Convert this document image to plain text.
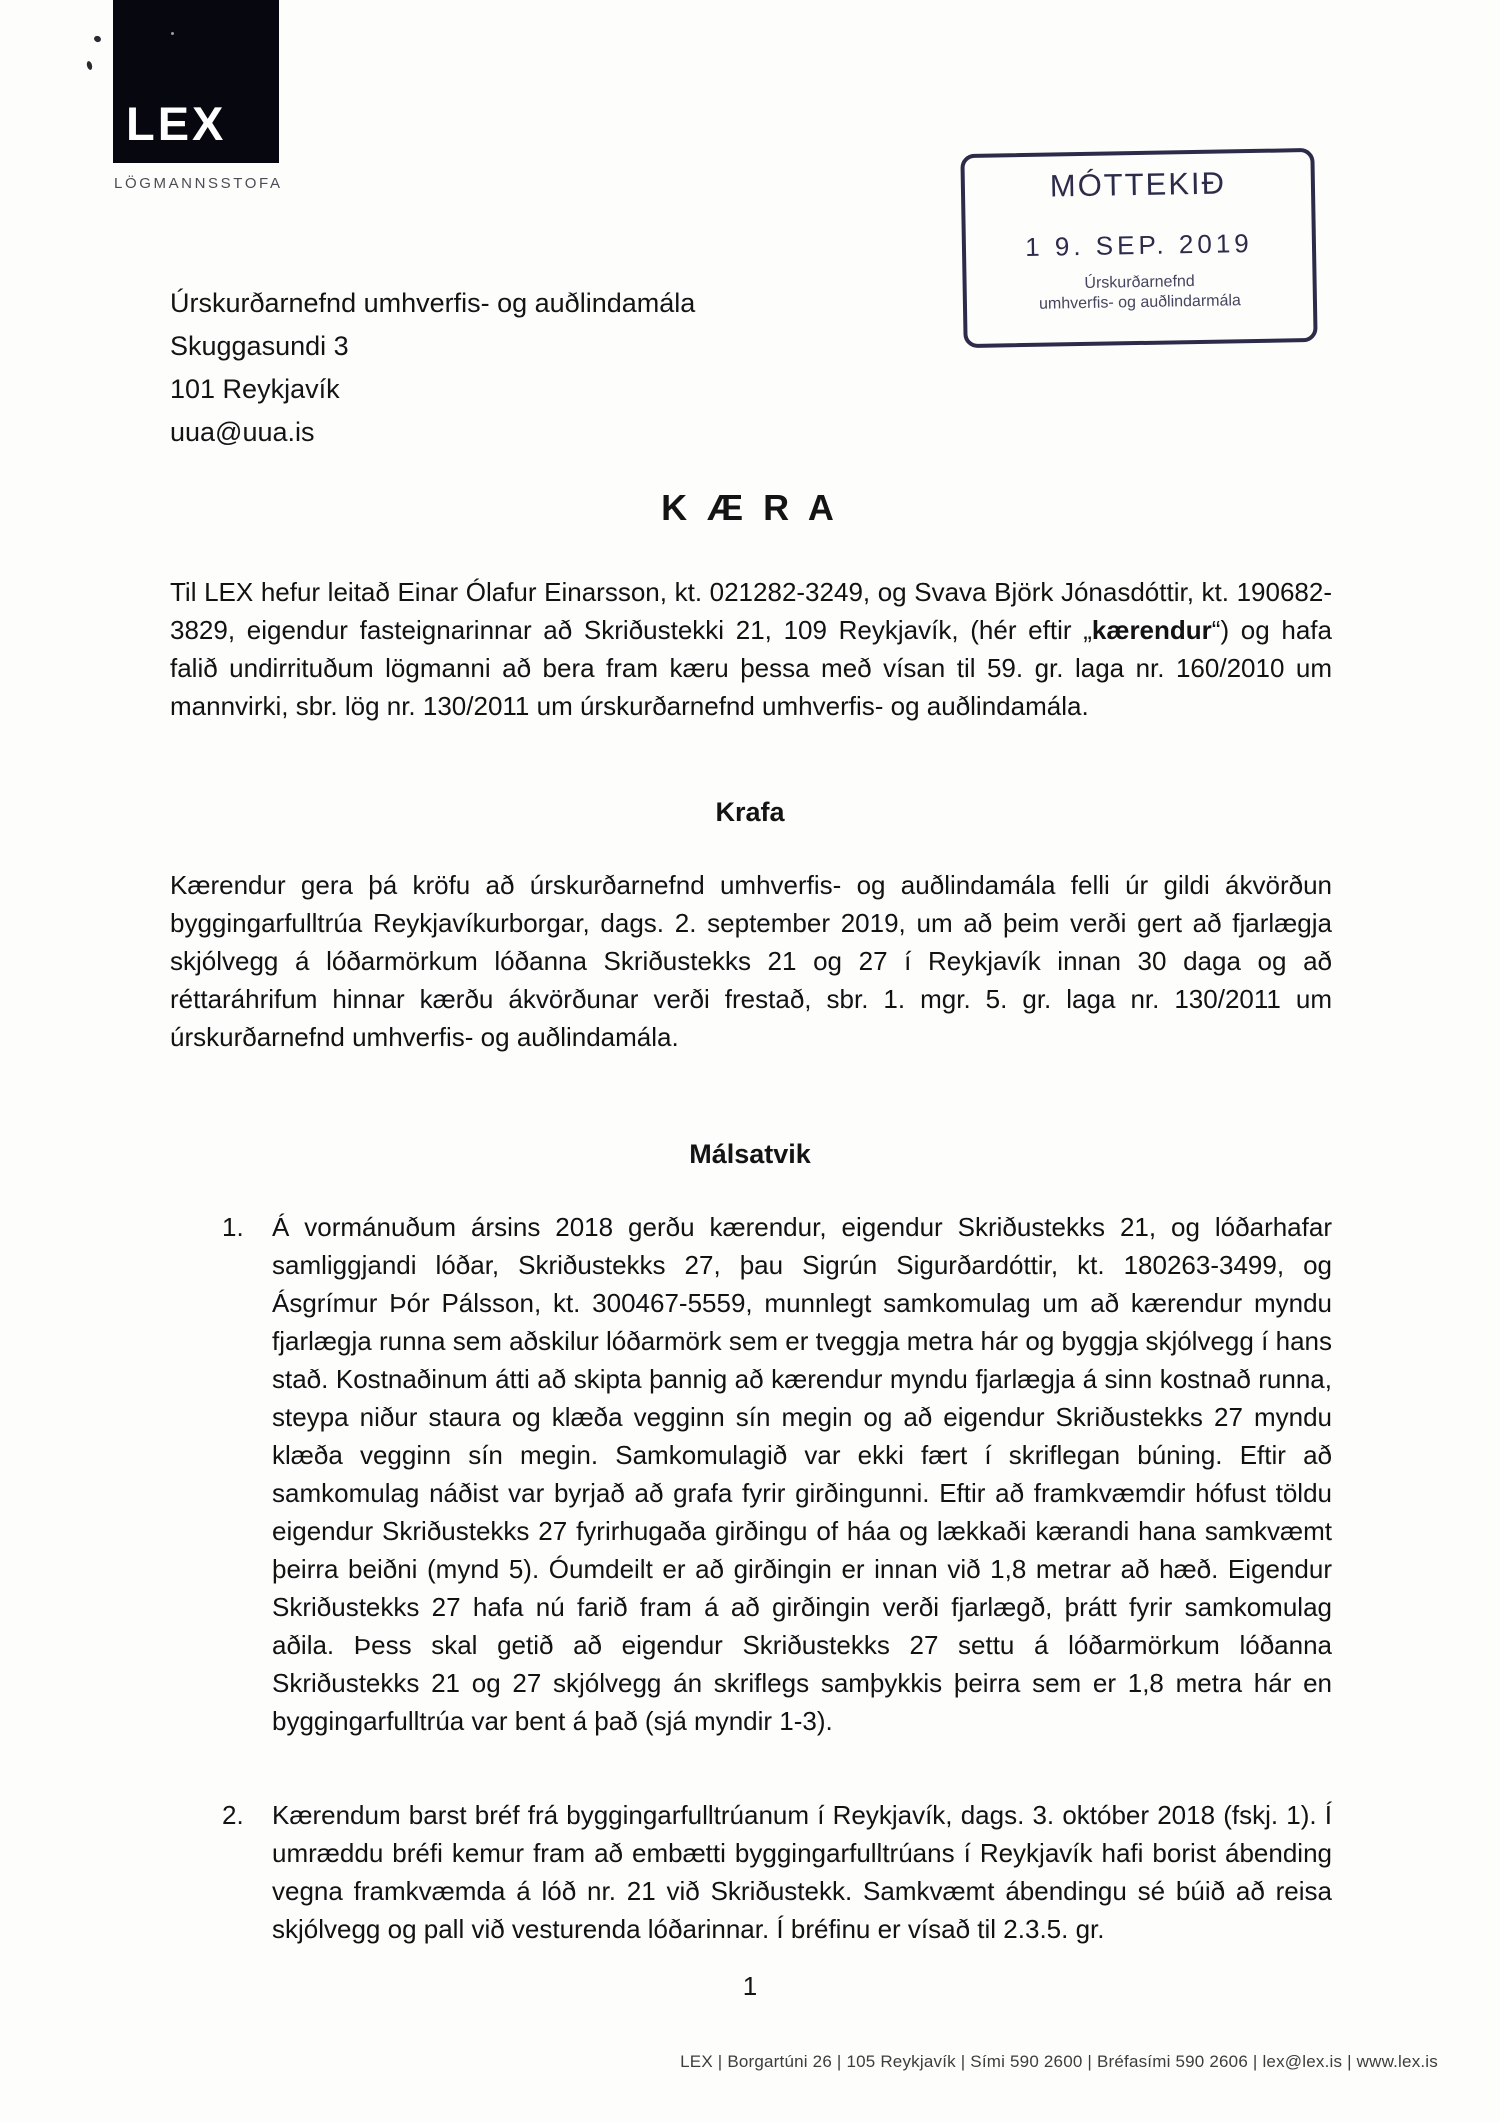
LEX
LÖGMANNSSTOFA	MÓTTEKIÐ
1 9. SEP. 2019
Úrskurðarnefnd
umhverfis- og auðlindarmála
Úrskurðarnefnd umhverfis- og auðlindamála
Skuggasundi 3
101 Reykjavík
uua@uua.is
K Æ R A

Til LEX hefur leitað Einar Ólafur Einarsson, kt. 021282-3249, og Svava Björk Jónasdóttir, kt. 190682-3829, eigendur fasteignarinnar að Skriðustekki 21, 109 Reykjavík, (hér eftir „kærendur“) og hafa falið undirrituðum lögmanni að bera fram kæru þessa með vísan til 59. gr. laga nr. 160/2010 um mannvirki, sbr. lög nr. 130/2011 um úrskurðarnefnd umhverfis- og auðlindamála.

Krafa

Kærendur gera þá kröfu að úrskurðarnefnd umhverfis- og auðlindamála felli úr gildi ákvörðun byggingarfulltrúa Reykjavíkurborgar, dags. 2. september 2019, um að þeim verði gert að fjarlægja skjólvegg á lóðarmörkum lóðanna Skriðustekks 21 og 27 í Reykjavík innan 30 daga og að réttaráhrifum hinnar kærðu ákvörðunar verði frestað, sbr. 1. mgr. 5. gr. laga nr. 130/2011 um úrskurðarnefnd umhverfis- og auðlindamála.

Málsatvik
1. Á vormánuðum ársins 2018 gerðu kærendur, eigendur Skriðustekks 21, og lóðarhafar samliggjandi lóðar, Skriðustekks 27, þau Sigrún Sigurðardóttir, kt. 180263-3499, og Ásgrímur Þór Pálsson, kt. 300467-5559, munnlegt samkomulag um að kærendur myndu fjarlægja runna sem aðskilur lóðarmörk sem er tveggja metra hár og byggja skjólvegg í hans stað. Kostnaðinum átti að skipta þannig að kærendur myndu fjarlægja á sinn kostnað runna, steypa niður staura og klæða vegginn sín megin og að eigendur Skriðustekks 27 myndu klæða vegginn sín megin. Samkomulagið var ekki fært í skriflegan búning. Eftir að samkomulag náðist var byrjað að grafa fyrir girðingunni. Eftir að framkvæmdir hófust töldu eigendur Skriðustekks 27 fyrirhugaða girðingu of háa og lækkaði kærandi hana samkvæmt þeirra beiðni (mynd 5). Óumdeilt er að girðingin er innan við 1,8 metrar að hæð. Eigendur Skriðustekks 27 hafa nú farið fram á að girðingin verði fjarlægð, þrátt fyrir samkomulag aðila. Þess skal getið að eigendur Skriðustekks 27 settu á lóðarmörkum lóðanna Skriðustekks 21 og 27 skjólvegg án skriflegs samþykkis þeirra sem er 1,8 metra hár en byggingarfulltrúa var bent á það (sjá myndir 1-3).
2. Kærendum barst bréf frá byggingarfulltrúanum í Reykjavík, dags. 3. október 2018 (fskj. 1). Í umræddu bréfi kemur fram að embætti byggingarfulltrúans í Reykjavík hafi borist ábending vegna framkvæmda á lóð nr. 21 við Skriðustekk. Samkvæmt ábendingu sé búið að reisa skjólvegg og pall við vesturenda lóðarinnar. Í bréfinu er vísað til 2.3.5. gr.
1
LEX | Borgartúni 26 | 105 Reykjavík | Sími 590 2600 | Bréfasími 590 2606 | lex@lex.is | www.lex.is
